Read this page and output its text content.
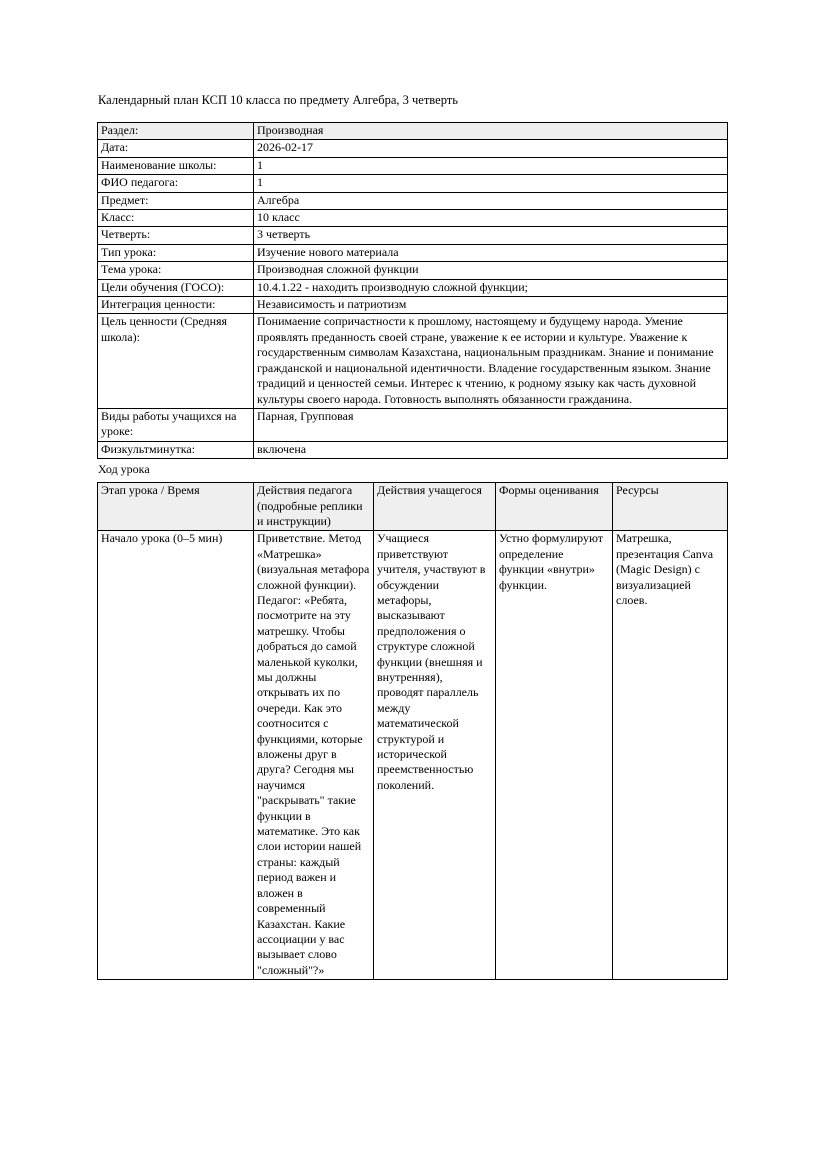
Календарный план КСП 10 класса по предмету Алгебра, 3 четверть

Раздел:	Производная
Дата:	2026-02-17
Наименование школы:	1
ФИО педагога:	1
Предмет:	Алгебра
Класс:	10 класс
Четверть:	3 четверть
Тип урока:	Изучение нового материала
Тема урока:	Производная сложной функции
Цели обучения (ГОСО):	10.4.1.22 - находить производную сложной функции;
Интеграция ценности:	Независимость и патриотизм
Цель ценности (Средняя школа):	Понимаение сопричастности к прошлому, настоящему и будущему народа. Умение проявлять преданность своей стране, уважение к ее истории и культуре. Уважение к государственным символам Казахстана, национальным праздникам. Знание и понимание гражданской и национальной идентичности. Владение государственным языком. Знание традиций и ценностей семьи. Интерес к чтению, к родному языку как часть духовной культуры своего народа. Готовность выполнять обязанности гражданина.
Виды работы учащихся на уроке:	Парная, Групповая
Физкультминутка:	включена

Ход урока

Этап урока / Время	Действия педагога (подробные реплики и инструкции)	Действия учащегося	Формы оценивания	Ресурсы
Начало урока (0–5 мин)	Приветствие. Метод «Матрешка» (визуальная метафора сложной функции). Педагог: «Ребята, посмотрите на эту матрешку. Чтобы добраться до самой маленькой куколки, мы должны открывать их по очереди. Как это соотносится с функциями, которые вложены друг в друга? Сегодня мы научимся "раскрывать" такие функции в математике. Это как слои истории нашей страны: каждый период важен и вложен в современный Казахстан. Какие ассоциации у вас вызывает слово "сложный"?»	Учащиеся приветствуют учителя, участвуют в обсуждении метафоры, высказывают предположения о структуре сложной функции (внешняя и внутренняя), проводят параллель между математической структурой и исторической преемственностью поколений.	Устно формулируют определение функции «внутри» функции.	Матрешка, презентация Canva (Magic Design) с визуализацией слоев.
